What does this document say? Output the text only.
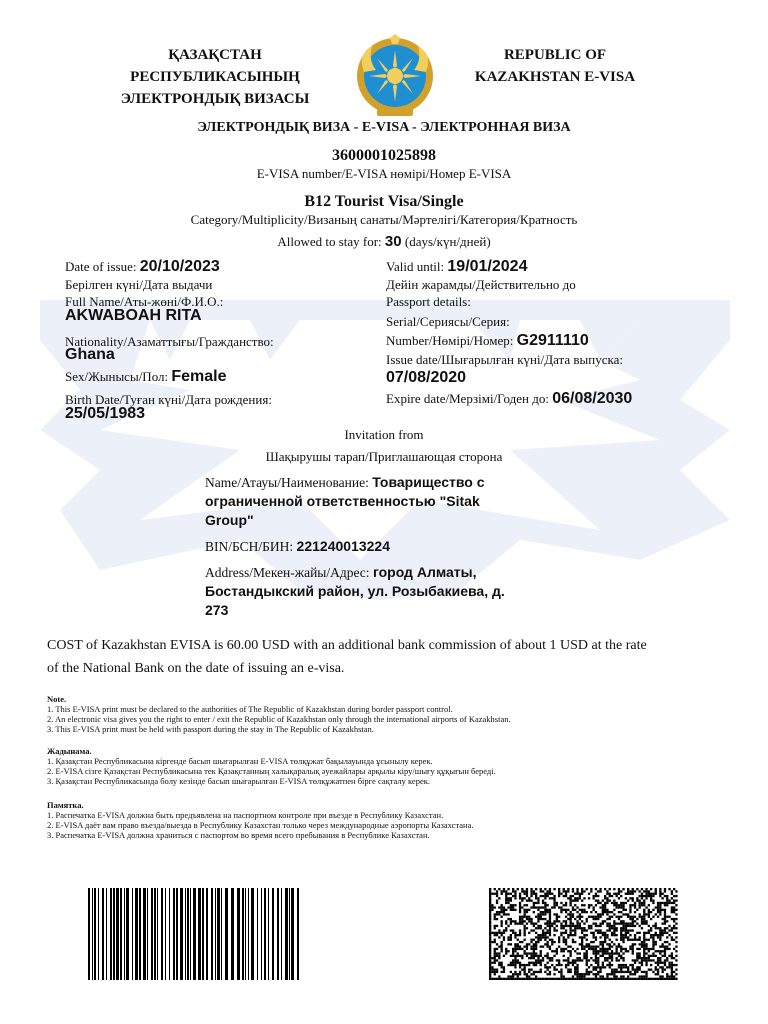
ҚАЗАҚСТАН
РЕСПУБЛИКАСЫНЫҢ
ЭЛЕКТРОНДЫҚ ВИЗАСЫ
REPUBLIC OF
KAZAKHSTAN E-VISA
ЭЛЕКТРОНДЫҚ ВИЗА - E-VISA - ЭЛЕКТРОННАЯ ВИЗА
3600001025898
E-VISA number/E-VISA нөмірі/Номер E-VISA
B12 Tourist Visa/Single
Category/Multiplicity/Визаның санаты/Мәртелігі/Категория/Кратность
Allowed to stay for: 30 (days/күн/дней)
Date of issue: 20/10/2023
Берілген күні/Дата выдачи
Full Name/Аты-жөні/Ф.И.О.:
AKWABOAH RITA
Nationality/Азаматтығы/Гражданство:
Ghana
Sex/Жынысы/Пол: Female
Birth Date/Туған күні/Дата рождения:
25/05/1983
Valid until: 19/01/2024
Дейін жарамды/Действительно до
Passport details:
Serial/Сериясы/Серия:
Number/Нөмірі/Номер: G2911110
Issue date/Шығарылған күні/Дата выпуска:
07/08/2020
Expire date/Мерзімі/Годен до: 06/08/2030
Invitation from
Шақырушы тарап/Приглашающая сторона
Name/Атауы/Наименование: Товарищество с
ограниченной ответственностью "Sitak
Group"
BIN/БСН/БИН: 221240013224
Address/Мекен-жайы/Адрес: город Алматы,
Бостандыкский район, ул. Розыбакиева, д.
273
COST of Kazakhstan EVISA is 60.00 USD with an additional bank commission of about 1 USD at the rate
of the National Bank on the date of issuing an e-visa.
Note.
1. This E-VISA print must be declared to the authorities of The Republic of Kazakhstan during border passport control.
2. An electronic visa gives you the right to enter / exit the Republic of Kazakhstan only through the international airports of Kazakhstan.
3. This E-VISA print must be held with passport during the stay in The Republic of Kazakhstan.
Жадынама.
1. Қазақстан Республикасына кіргенде басып шығарылған E-VISA төлқұжат бақылауында ұсынылу керек.
2. E-VISA сізге Қазақстан Республикасына тек Қазақстанның халықаралық әуежайлары арқылы кіру/шығу құқығын береді.
3. Қазақстан Республикасында болу кезінде басып шығарылған E-VISA төлқұжатпен бірге сақталу керек.
Памятка.
1. Распечатка E-VISA должна быть предъявлена на паспортном контроле при въезде в Республику Казахстан.
2. E-VISA даёт вам право въезда/выезда в Республику Казахстан только через международные аэропорты Казахстана.
3. Распечатка E-VISA должна храниться с паспортом во время всего пребывания в Республике Казахстан.
